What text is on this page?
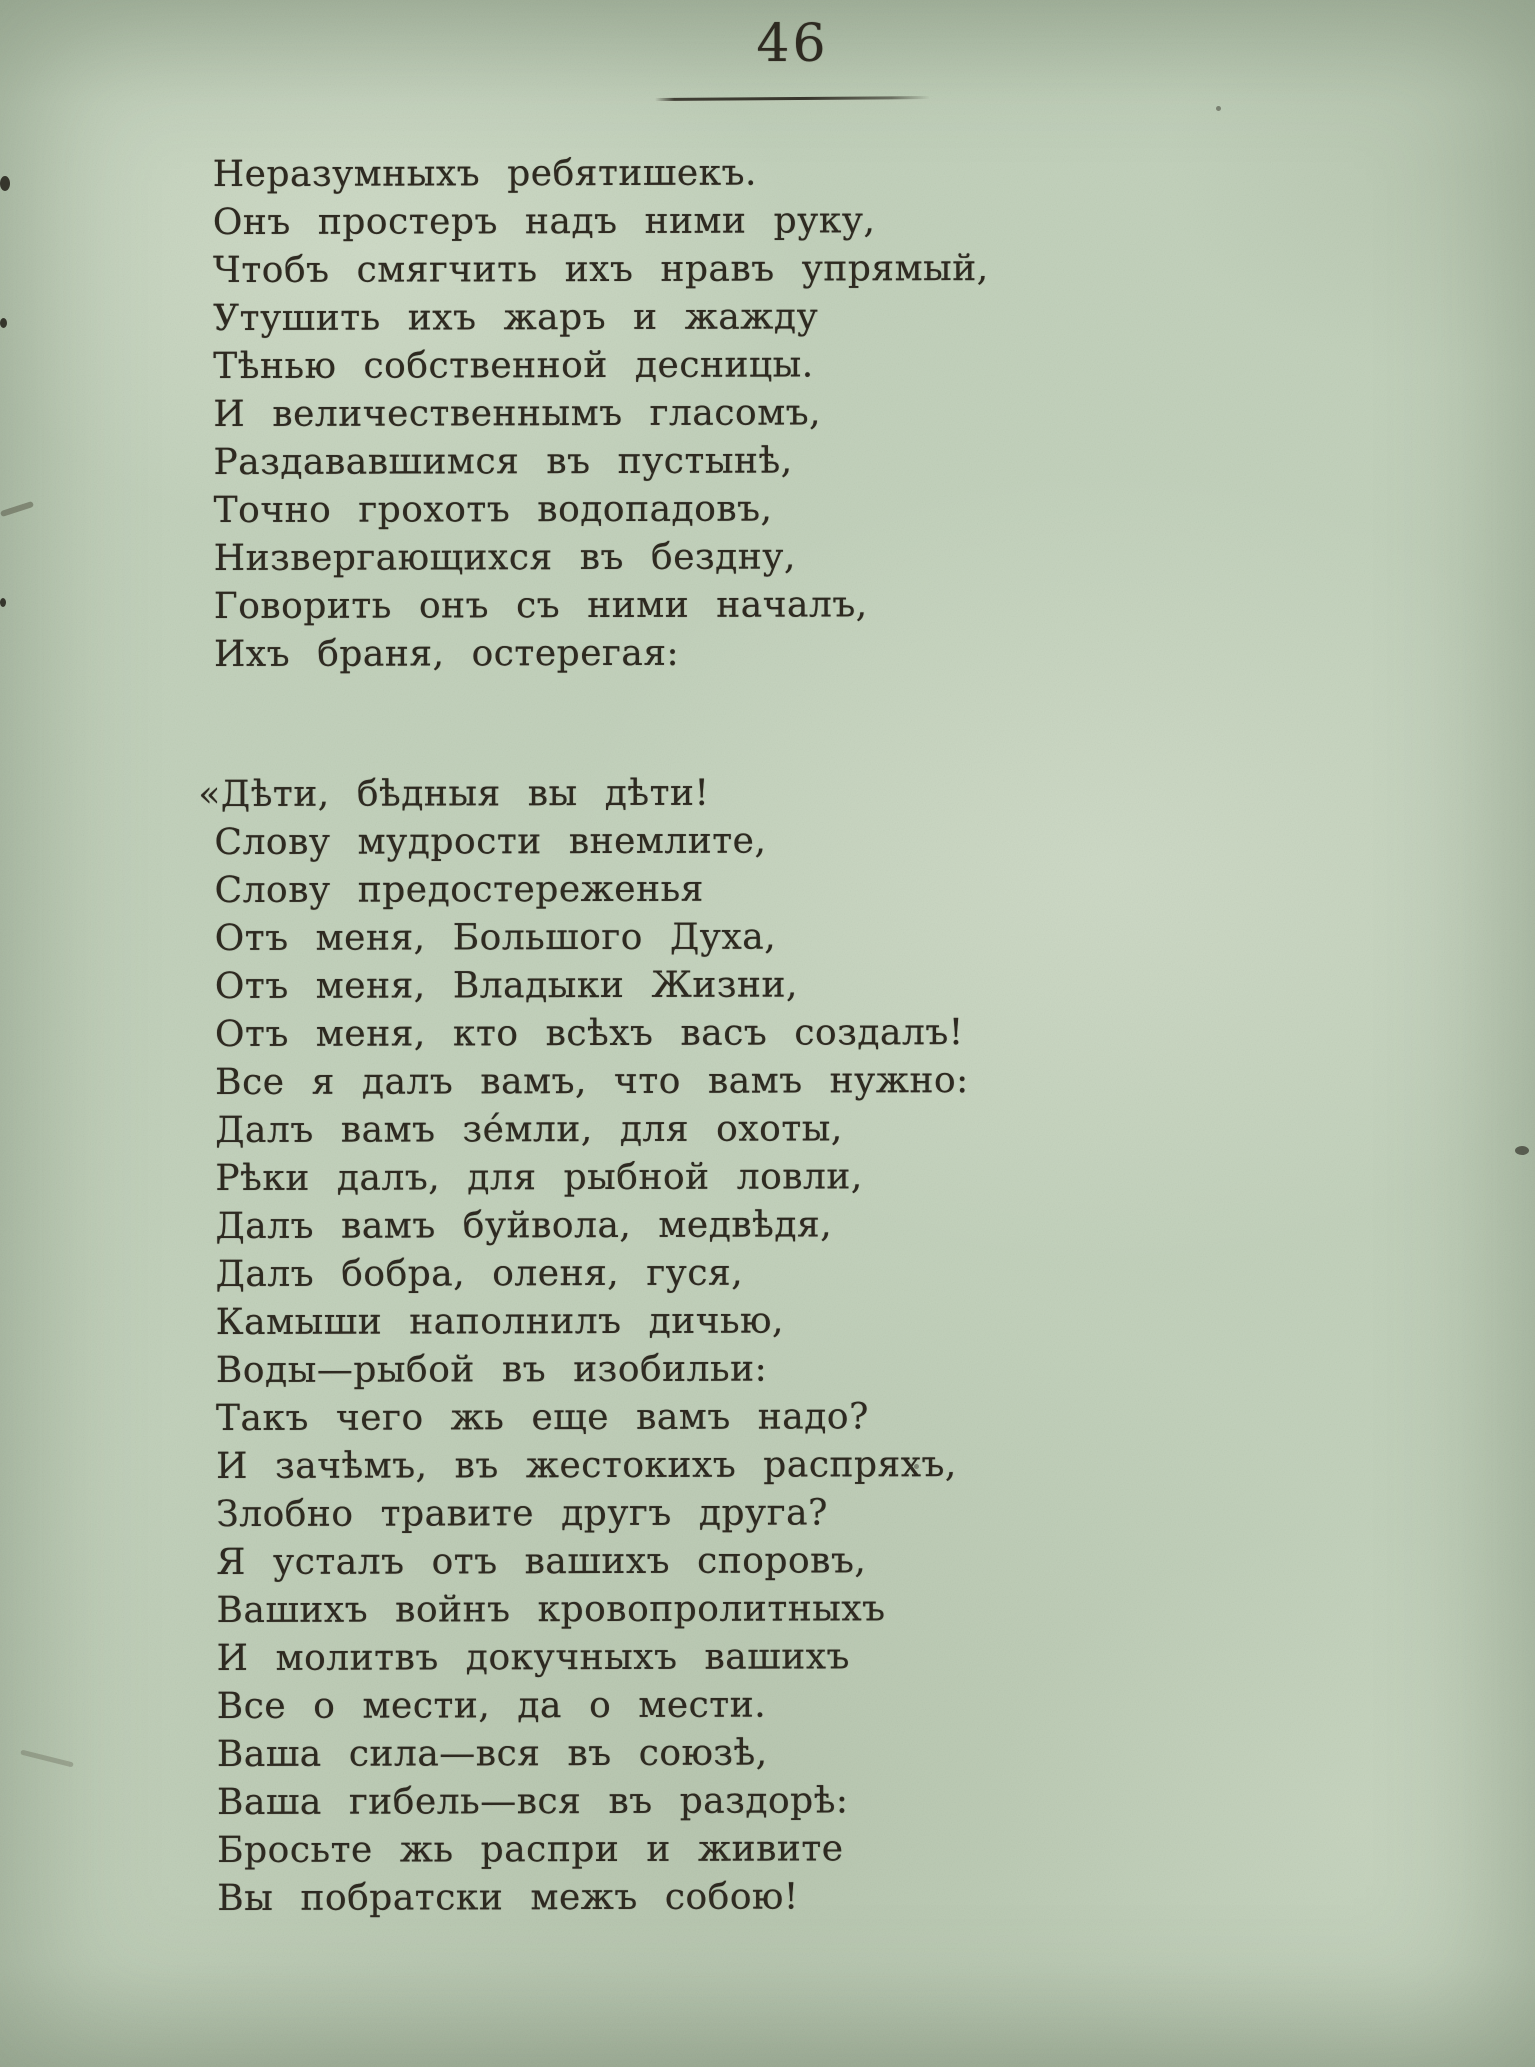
46
Неразумныхъ ребятишекъ.
Онъ простеръ надъ ними руку,
Чтобъ смягчить ихъ нравъ упрямый,
Утушить ихъ жаръ и жажду
Тѣнью собственной десницы.
И величественнымъ гласомъ,
Раздававшимся въ пустынѣ,
Точно грохотъ водопадовъ,
Низвергающихся въ бездну,
Говорить онъ съ ними началъ,
Ихъ браня, остерегая:
«Дѣти, бѣдныя вы дѣти!
Слову мудрости внемлите,
Слову предостереженья
Отъ меня, Большого Духа,
Отъ меня, Владыки Жизни,
Отъ меня, кто всѣхъ васъ создалъ!
Все я далъ вамъ, что вамъ нужно:
Далъ вамъ зе́мли, для охоты,
Рѣки далъ, для рыбной ловли,
Далъ вамъ буйвола, медвѣдя,
Далъ бобра, оленя, гуся,
Камыши наполнилъ дичью,
Воды—рыбой въ изобильи:
Такъ чего жь еще вамъ надо?
И зачѣмъ, въ жестокихъ распряхъ,
Злобно травите другъ друга?
Я усталъ отъ вашихъ споровъ,
Вашихъ войнъ кровопролитныхъ
И молитвъ докучныхъ вашихъ
Все о мести, да о мести.
Ваша сила—вся въ союзѣ,
Ваша гибель—вся въ раздорѣ:
Бросьте жь распри и живите
Вы побратски межъ собою!
